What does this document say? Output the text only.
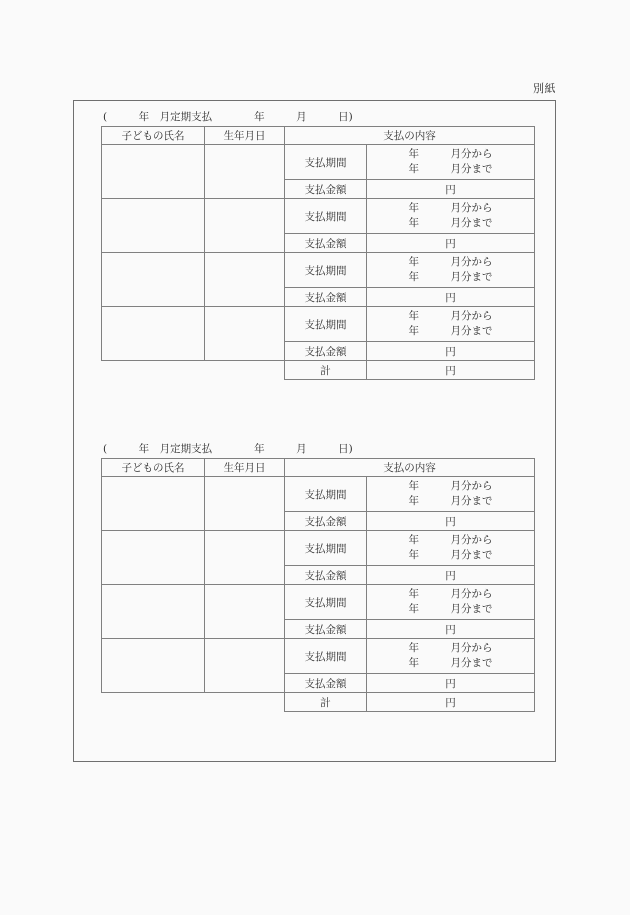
別紙
(　　　年　月定期支払　　　　年　　　月　　　日)
子どもの氏名	生年月日	支払の内容	
		支払期間	年　　　月分から
年　　　月分まで
		支払金額	円
		支払期間	年　　　月分から
年　　　月分まで
		支払金額	円
		支払期間	年　　　月分から
年　　　月分まで
		支払金額	円
		支払期間	年　　　月分から
年　　　月分まで
		支払金額	円
		計	円
(　　　年　月定期支払　　　　年　　　月　　　日)
子どもの氏名	生年月日	支払の内容	
		支払期間	年　　　月分から
年　　　月分まで
		支払金額	円
		支払期間	年　　　月分から
年　　　月分まで
		支払金額	円
		支払期間	年　　　月分から
年　　　月分まで
		支払金額	円
		支払期間	年　　　月分から
年　　　月分まで
		支払金額	円
		計	円
